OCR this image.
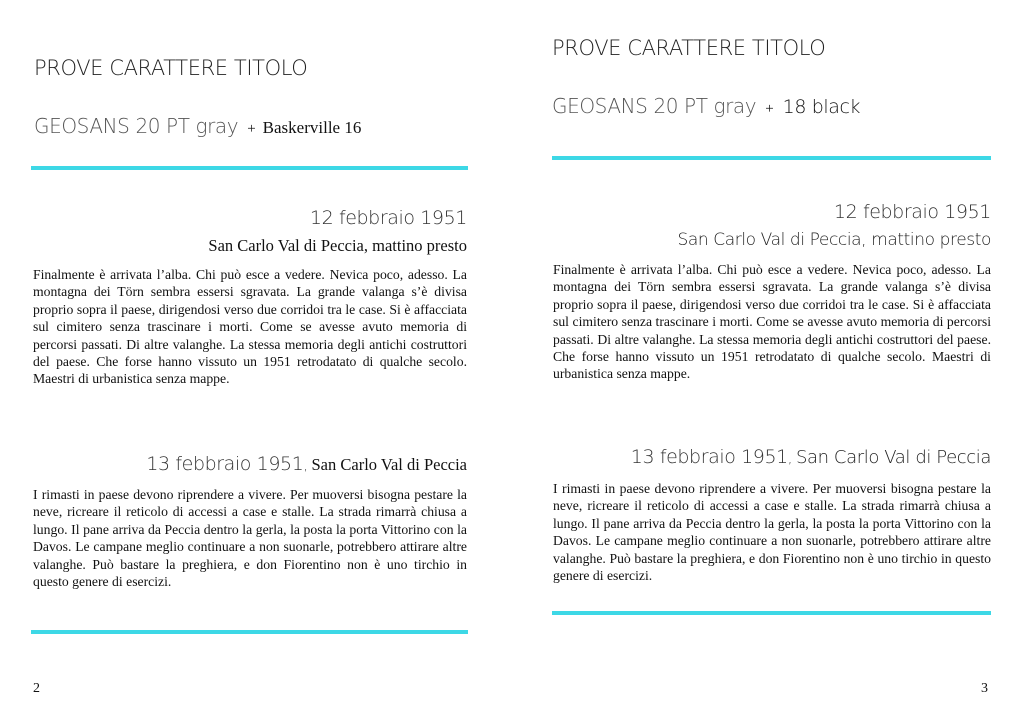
PROVE CARATTERE TITOLO
GEOSANS 20 PT gray + Baskerville 16
12 febbraio 1951
San Carlo Val di Peccia, mattino presto
Finalmente è arrivata l’alba. Chi può esce a vedere. Nevica poco, adesso. La montagna dei Törn sembra essersi sgravata. La grande valanga s’è divisa proprio sopra il paese, dirigendosi verso due corridoi tra le case. Si è affacciata sul cimitero senza trascinare i morti. Come se avesse avuto memoria di percorsi passati. Di altre valanghe. La stessa memoria degli antichi costruttori del paese. Che forse hanno vissuto un 1951 retrodatato di qualche secolo. Maestri di urbanistica senza mappe.
13 febbraio 1951, San Carlo Val di Peccia
I rimasti in paese devono riprendere a vivere. Per muoversi bisogna pestare la neve, ricreare il reticolo di accessi a case e stalle. La strada rimarrà chiusa a lungo. Il pane arriva da Peccia dentro la gerla, la posta la porta Vittorino con la Davos. Le campane meglio continuare a non suonarle, potrebbero attirare altre valanghe. Può bastare la preghiera, e don Fiorentino non è uno tirchio in questo genere di esercizi.
2
PROVE CARATTERE TITOLO
GEOSANS 20 PT gray + 18 black
12 febbraio 1951
San Carlo Val di Peccia, mattino presto
Finalmente è arrivata l’alba. Chi può esce a vedere. Nevica poco, adesso. La montagna dei Törn sembra essersi sgravata. La grande valanga s’è divisa proprio sopra il paese, dirigendosi verso due corridoi tra le case. Si è affacciata sul cimitero senza trascinare i morti. Come se avesse avuto memoria di percorsi passati. Di altre valanghe. La stessa memoria degli antichi costruttori del paese. Che forse hanno vissuto un 1951 retrodatato di qualche secolo. Maestri di urbanistica senza mappe.
13 febbraio 1951, San Carlo Val di Peccia
I rimasti in paese devono riprendere a vivere. Per muoversi bisogna pestare la neve, ricreare il reticolo di accessi a case e stalle. La strada rimarrà chiusa a lungo. Il pane arriva da Peccia dentro la gerla, la posta la porta Vittorino con la Davos. Le campane meglio continuare a non suonarle, potrebbero attirare altre valanghe. Può bastare la preghiera, e don Fiorentino non è uno tirchio in questo genere di esercizi.
3
